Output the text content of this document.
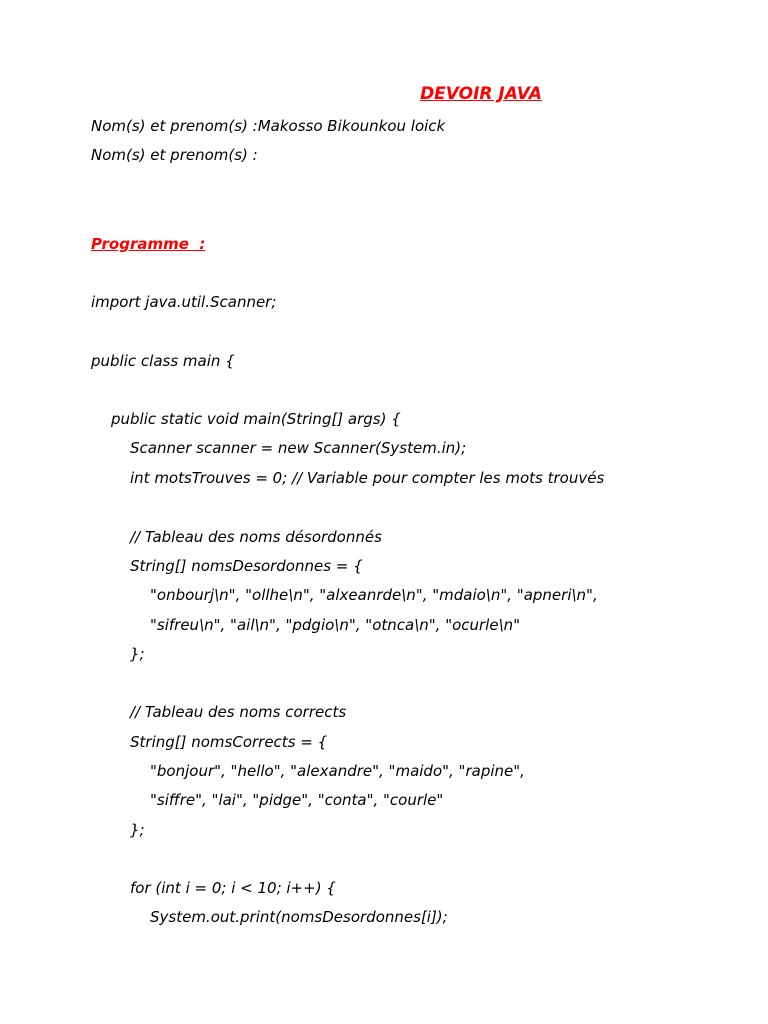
DEVOIR JAVA
Nom(s) et prenom(s) :Makosso Bikounkou loick
Nom(s) et prenom(s) :
Programme  :
import java.util.Scanner;
public class main {
public static void main(String[] args) {
Scanner scanner = new Scanner(System.in);
int motsTrouves = 0; // Variable pour compter les mots trouvés
// Tableau des noms désordonnés
String[] nomsDesordonnes = {
"onbourj\n", "ollhe\n", "alxeanrde\n", "mdaio\n", "apneri\n",
"sifreu\n", "ail\n", "pdgio\n", "otnca\n", "ocurle\n"
};
// Tableau des noms corrects
String[] nomsCorrects = {
"bonjour", "hello", "alexandre", "maido", "rapine",
"siffre", "lai", "pidge", "conta", "courle"
};
for (int i = 0; i < 10; i++) {
System.out.print(nomsDesordonnes[i]);
